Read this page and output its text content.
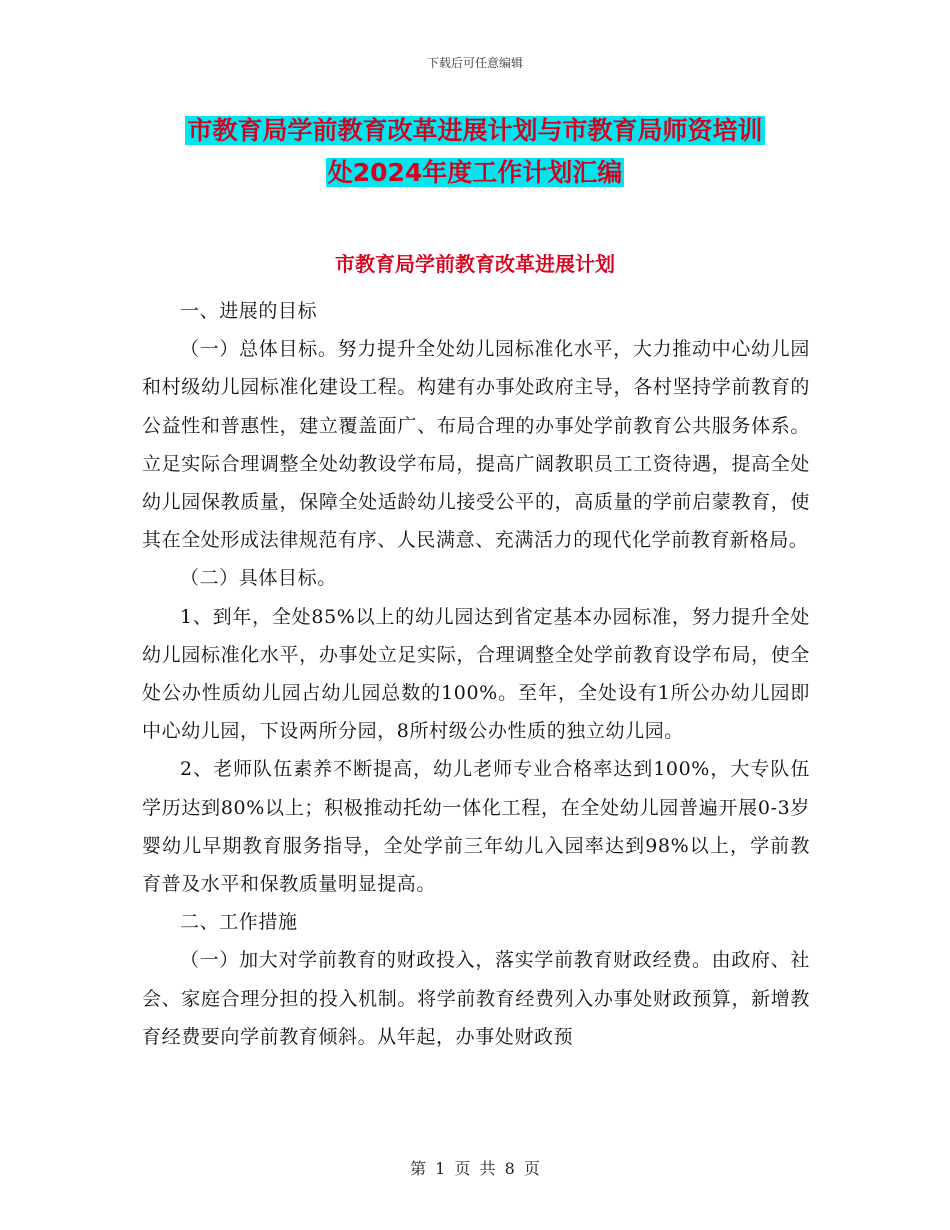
下载后可任意编辑
市教育局学前教育改革进展计划与市教育局师资培训
处2024年度工作计划汇编
市教育局学前教育改革进展计划

一、进展的目标

（一）总体目标。努力提升全处幼儿园标准化水平，大力推动中心幼儿园和村级幼儿园标准化建设工程。构建有办事处政府主导，各村坚持学前教育的公益性和普惠性，建立覆盖面广、布局合理的办事处学前教育公共服务体系。立足实际合理调整全处幼教设学布局，提高广阔教职员工工资待遇，提高全处幼儿园保教质量，保障全处适龄幼儿接受公平的，高质量的学前启蒙教育，使其在全处形成法律规范有序、人民满意、充满活力的现代化学前教育新格局。

（二）具体目标。

1、到年，全处85%以上的幼儿园达到省定基本办园标准，努力提升全处幼儿园标准化水平，办事处立足实际，合理调整全处学前教育设学布局，使全处公办性质幼儿园占幼儿园总数的100%。至年，全处设有1所公办幼儿园即中心幼儿园，下设两所分园，8所村级公办性质的独立幼儿园。

2、老师队伍素养不断提高，幼儿老师专业合格率达到100%，大专队伍学历达到80%以上；积极推动托幼一体化工程，在全处幼儿园普遍开展0-3岁婴幼儿早期教育服务指导，全处学前三年幼儿入园率达到98%以上，学前教育普及水平和保教质量明显提高。

二、工作措施

（一）加大对学前教育的财政投入，落实学前教育财政经费。由政府、社会、家庭合理分担的投入机制。将学前教育经费列入办事处财政预算，新增教育经费要向学前教育倾斜。从年起，办事处财政预

第 1 页 共 8 页
